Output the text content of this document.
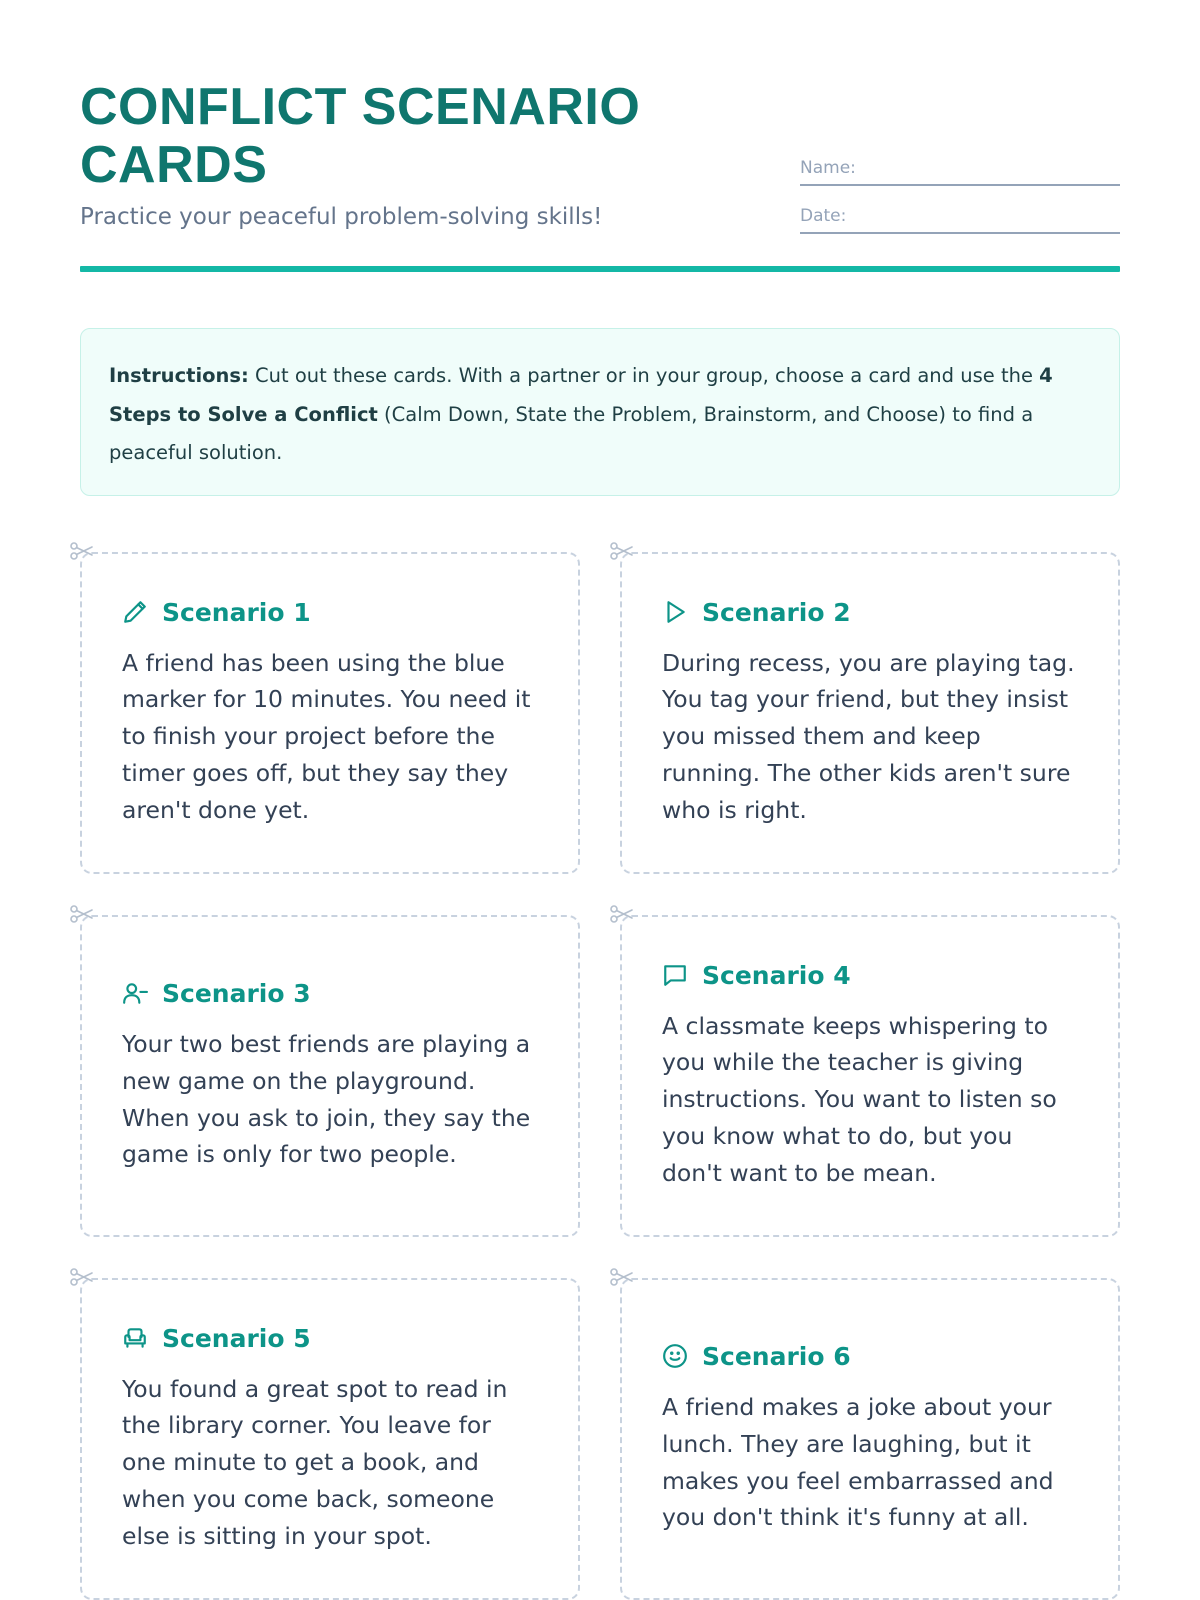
CONFLICT SCENARIO CARDS
Practice your peaceful problem-solving skills!
Name:
Date:
Instructions: Cut out these cards. With a partner or in your group, choose a card and use the 4 Steps to Solve a Conflict (Calm Down, State the Problem, Brainstorm, and Choose) to find a peaceful solution.
Scenario 1
A friend has been using the blue marker for 10 minutes. You need it to finish your project before the timer goes off, but they say they aren't done yet.
Scenario 2
During recess, you are playing tag. You tag your friend, but they insist you missed them and keep running. The other kids aren't sure who is right.
Scenario 3
Your two best friends are playing a new game on the playground. When you ask to join, they say the game is only for two people.
Scenario 4
A classmate keeps whispering to you while the teacher is giving instructions. You want to listen so you know what to do, but you don't want to be mean.
Scenario 5
You found a great spot to read in the library corner. You leave for one minute to get a book, and when you come back, someone else is sitting in your spot.
Scenario 6
A friend makes a joke about your lunch. They are laughing, but it makes you feel embarrassed and you don't think it's funny at all.
